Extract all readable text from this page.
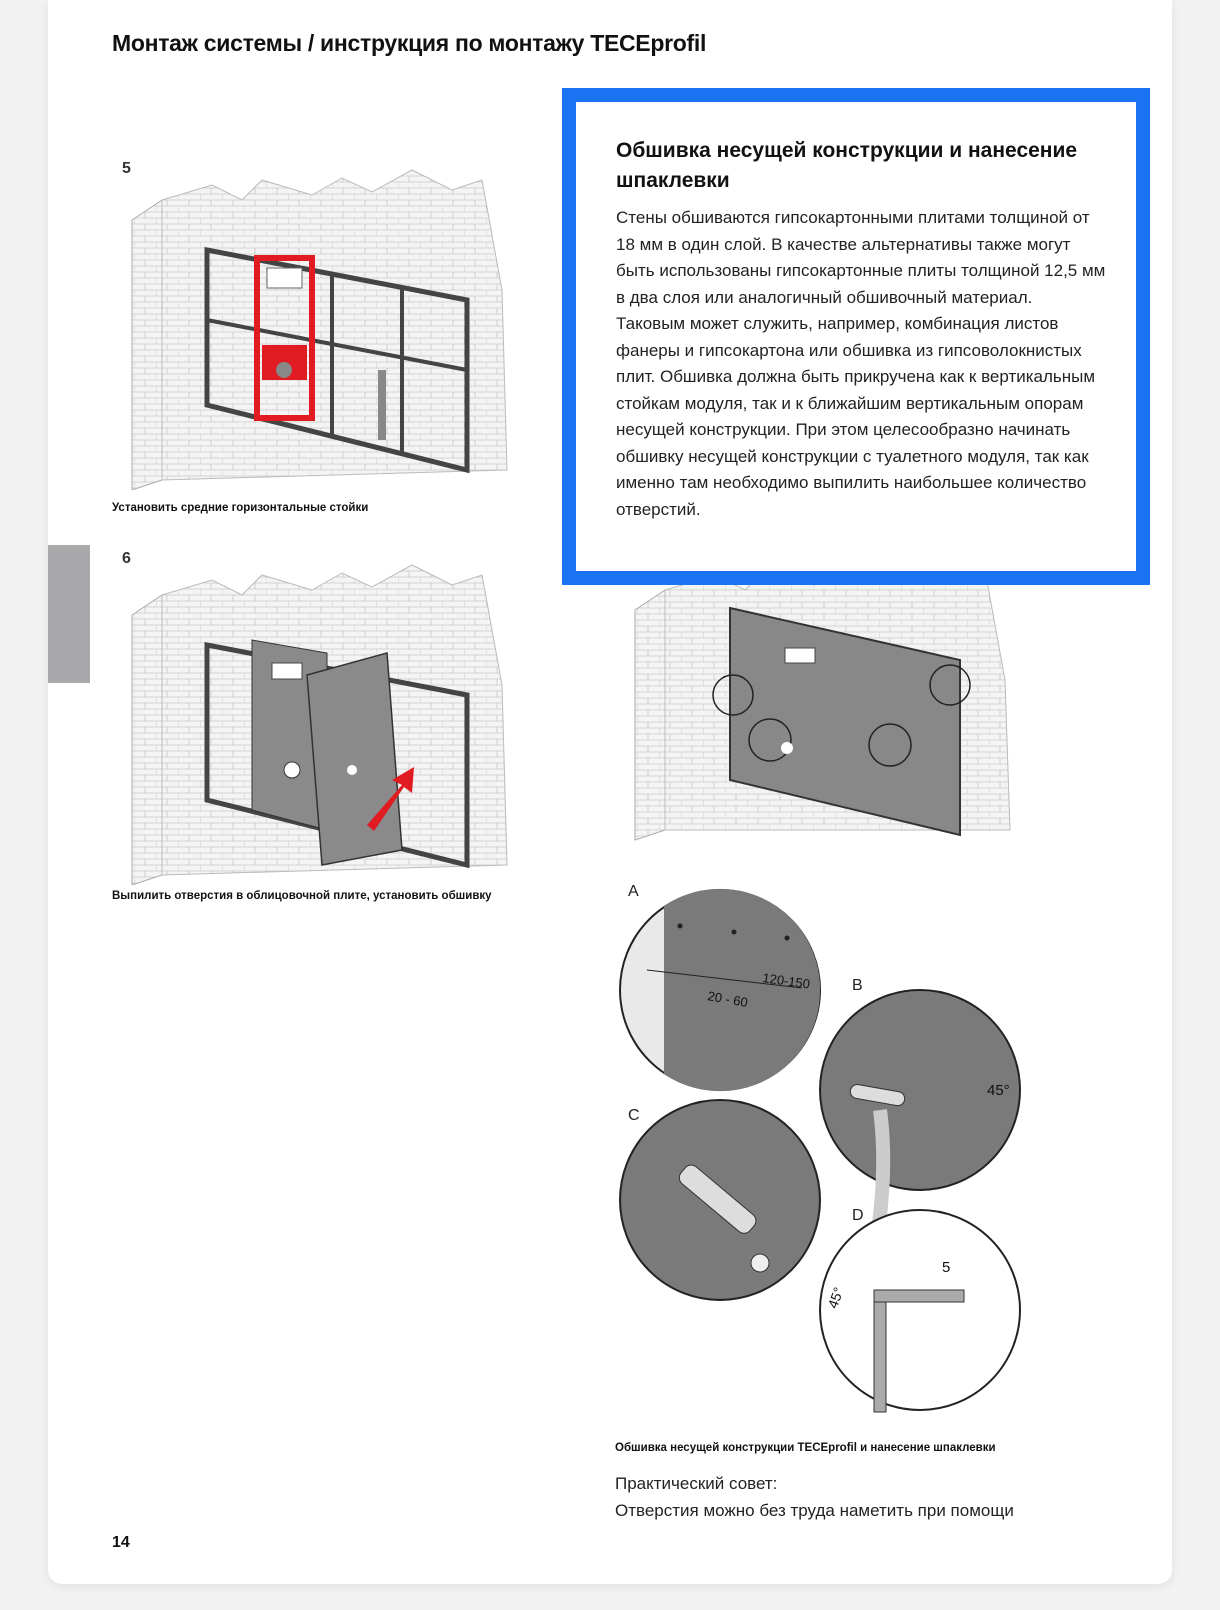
Монтаж системы / инструкция по монтажу TECEprofil
5
Установить средние горизонтальные стойки
6
Выпилить отверстия в облицовочной плите, установить обшивку	A
120-150
20 - 60
B
45°
C
D
45°
5
Обшивка несущей конструкции TECEprofil и нанесение шпаклевки
Обшивка несущей конструкции и нанесение шпаклевки
Стены обшиваются гипсокартонными плитами толщиной от 18 мм в один слой. В качестве альтернативы также могут быть использованы гипсокартонные плиты толщиной 12,5 мм в два слоя или аналогичный обшивочный материал. Таковым может служить, например, комбинация листов фанеры и гипсокартона или обшивка из гипсоволокнистых плит. Обшивка должна быть прикручена как к вертикальным стойкам модуля, так и к ближайшим вертикальным опорам несущей конструкции. При этом целесообразно начинать обшивку несущей конструкции с туалетного модуля, так как именно там необходимо выпилить наибольшее количество отверстий.
Практический совет:
Отверстия можно без труда наметить при помощи
14
